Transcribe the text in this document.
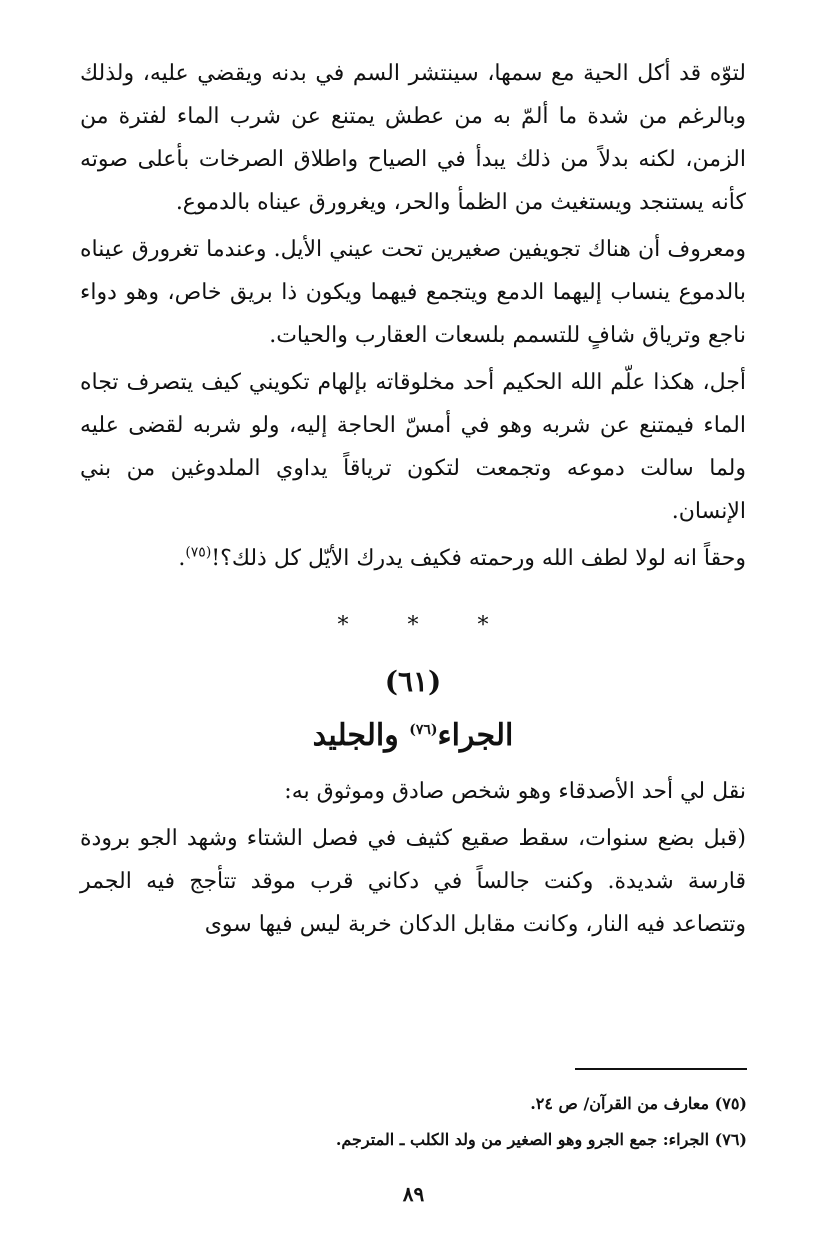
لتوّه قد أكل الحية مع سمها، سينتشر السم في بدنه ويقضي عليه، ولذلك وبالرغم من شدة ما ألمّ به من عطش يمتنع عن شرب الماء لفترة من الزمن، لكنه بدلاً من ذلك يبدأ في الصياح واطلاق الصرخات بأعلى صوته كأنه يستنجد ويستغيث من الظمأ والحر، ويغرورق عيناه بالدموع.

ومعروف أن هناك تجويفين صغيرين تحت عيني الأيل. وعندما تغرورق عيناه بالدموع ينساب إليهما الدمع ويتجمع فيهما ويكون ذا بريق خاص، وهو دواء ناجع وترياق شافٍ للتسمم بلسعات العقارب والحيات.

أجل، هكذا علّم الله الحكيم أحد مخلوقاته بإلهام تكويني كيف يتصرف تجاه الماء فيمتنع عن شربه وهو في أمسّ الحاجة إليه، ولو شربه لقضى عليه ولما سالت دموعه وتجمعت لتكون ترياقاً يداوي الملدوغين من بني الإنسان.

وحقاً انه لولا لطف الله ورحمته فكيف يدرك الأيّل كل ذلك؟!$^{(٧٥)}$.

* * *
(٦١)
الجراء$^{(٧٦)}$ والجليد

نقل لي أحد الأصدقاء وهو شخص صادق وموثوق به:

(قبل بضع سنوات، سقط صقيع كثيف في فصل الشتاء وشهد الجو برودة قارسة شديدة. وكنت جالساً في دكاني قرب موقد تتأجج فيه الجمر وتتصاعد فيه النار، وكانت مقابل الدكان خربة ليس فيها سوى

(٧٥) معارف من القرآن/ ص ٢٤.

(٧٦) الجراء: جمع الجرو وهو الصغير من ولد الكلب ـ المترجم.

٨٩
